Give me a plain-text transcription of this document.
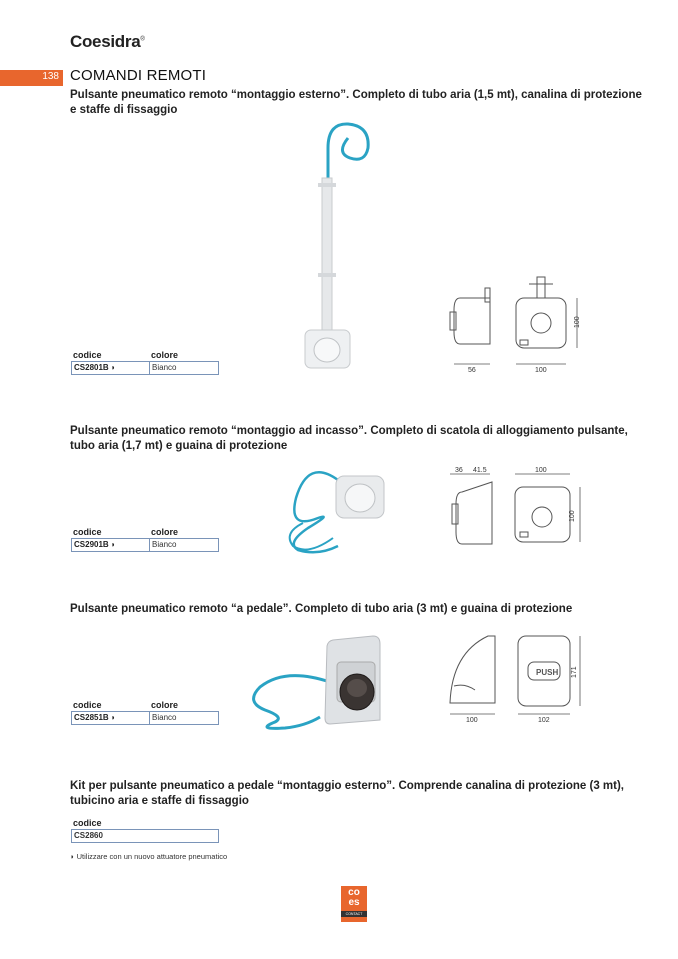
Coesidra®
138 COMANDI REMOTI
Pulsante pneumatico remoto “montaggio esterno”. Completo di tubo aria (1,5 mt), canalina di protezione e staffe di fissaggio
56	100
100
codice	colore
CS2801B ◗	Bianco
Pulsante pneumatico remoto “montaggio ad incasso”. Completo di scatola di alloggiamento pulsante, tubo aria (1,7 mt) e guaina di protezione
36 41.5	100
100
codice	colore
CS2901B ◗	Bianco
Pulsante pneumatico remoto “a pedale”. Completo di tubo aria (3 mt) e guaina di protezione
100
PUSH
102
171
codice	colore
CS2851B ◗	Bianco
Kit per pulsante pneumatico a pedale “montaggio esterno”. Comprende canalina di protezione (3 mt), tubicino aria e staffe di fissaggio
codice
CS2860
◗ Utilizzare con un nuovo attuatore pneumatico
co
es
CONTACT
